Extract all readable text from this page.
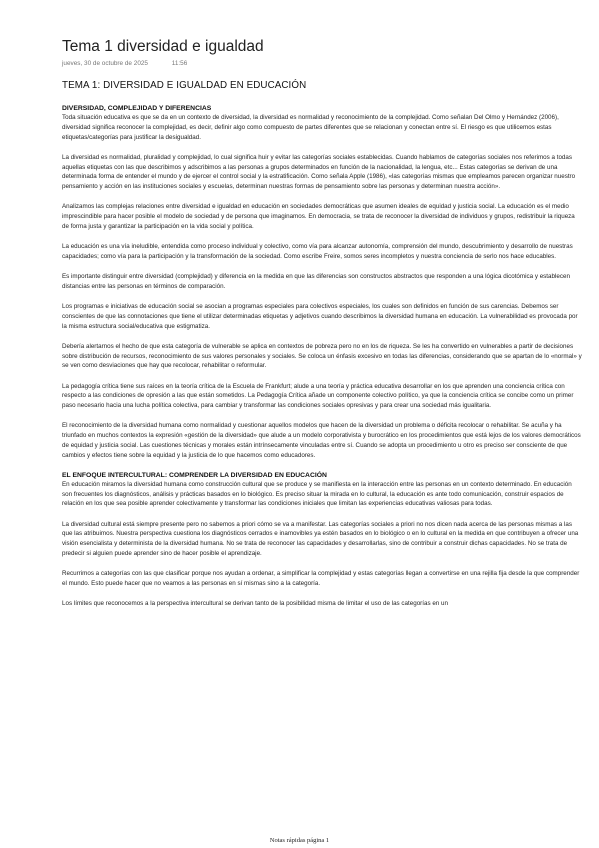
Tema 1 diversidad e igualdad
jueves, 30 de octubre de 2025	11:56
TEMA 1: DIVERSIDAD E IGUALDAD EN EDUCACIÓN
DIVERSIDAD, COMPLEJIDAD Y DIFERENCIAS

Toda situación educativa es que se da en un contexto de diversidad, la diversidad es normalidad y reconocimiento de la complejidad. Como señalan Del Olmo y Hernández (2006), diversidad significa reconocer la complejidad, es decir, definir algo como compuesto de partes diferentes que se relacionan y conectan entre sí. El riesgo es que utilicemos estas etiquetas/categorías para justificar la desigualdad.

La diversidad es normalidad, pluralidad y complejidad, lo cual significa huir y evitar las categorías sociales establecidas. Cuando hablamos de categorías sociales nos referimos a todas aquellas etiquetas con las que describimos y adscribimos a las personas a grupos determinados en función de la nacionalidad, la lengua, etc... Estas categorías se derivan de una determinada forma de entender el mundo y de ejercer el control social y la estratificación. Como señala Apple (1986), «las categorías mismas que empleamos parecen organizar nuestro pensamiento y acción en las instituciones sociales y escuelas, determinan nuestras formas de pensamiento sobre las personas y determinan nuestra acción».

Analizamos las complejas relaciones entre diversidad e igualdad en educación en sociedades democráticas que asumen ideales de equidad y justicia social. La educación es el medio imprescindible para hacer posible el modelo de sociedad y de persona que imaginamos. En democracia, se trata de reconocer la diversidad de individuos y grupos, redistribuir la riqueza de forma justa y garantizar la participación en la vida social y política.

La educación es una vía ineludible, entendida como proceso individual y colectivo, como vía para alcanzar autonomía, comprensión del mundo, descubrimiento y desarrollo de nuestras capacidades; como vía para la participación y la transformación de la sociedad. Como escribe Freire, somos seres incompletos y nuestra conciencia de serlo nos hace educables.

Es importante distinguir entre diversidad (complejidad) y diferencia en la medida en que las diferencias son constructos abstractos que responden a una lógica dicotómica y establecen distancias entre las personas en términos de comparación.

Los programas e iniciativas de educación social se asocian a programas especiales para colectivos especiales, los cuales son definidos en función de sus carencias. Debemos ser conscientes de que las connotaciones que tiene el utilizar determinadas etiquetas y adjetivos cuando describimos la diversidad humana en educación. La vulnerabilidad es provocada por la misma estructura social/educativa que estigmatiza.

Debería alertarnos el hecho de que esta categoría de vulnerable se aplica en contextos de pobreza pero no en los de riqueza. Se les ha convertido en vulnerables a partir de decisiones sobre distribución de recursos, reconocimiento de sus valores personales y sociales. Se coloca un énfasis excesivo en todas las diferencias, considerando que se apartan de lo «normal» y se ven como desviaciones que hay que recolocar, rehabilitar o reformular.

La pedagogía crítica tiene sus raíces en la teoría crítica de la Escuela de Frankfurt; alude a una teoría y práctica educativa desarrollar en los que aprenden una conciencia crítica con respecto a las condiciones de opresión a las que están sometidos. La Pedagogía Crítica añade un componente colectivo político, ya que la conciencia crítica se concibe como un primer paso necesario hacia una lucha política colectiva, para cambiar y transformar las condiciones sociales opresivas y para crear una sociedad más igualitaria.

El reconocimiento de la diversidad humana como normalidad y cuestionar aquellos modelos que hacen de la diversidad un problema o déficita recolocar o rehabilitar. Se acuña y ha triunfado en muchos contextos la expresión «gestión de la diversidad» que alude a un modelo corporativista y burocrático en los procedimientos que está lejos de los valores democráticos de equidad y justicia social. Las cuestiones técnicas y morales están intrínsecamente vinculadas entre sí. Cuando se adopta un procedimiento u otro es preciso ser consciente de que cambios y efectos tiene sobre la equidad y la justicia de lo que hacemos como educadores.

EL ENFOQUE INTERCULTURAL: COMPRENDER LA DIVERSIDAD EN EDUCACIÓN

En educación miramos la diversidad humana como construcción cultural que se produce y se manifiesta en la interacción entre las personas en un contexto determinado. En educación son frecuentes los diagnósticos, análisis y prácticas basados en lo biológico. Es preciso situar la mirada en lo cultural, la educación es ante todo comunicación, construir espacios de relación en los que sea posible aprender colectivamente y transformar las condiciones iniciales que limitan las experiencias educativas valiosas para todas.

La diversidad cultural está siempre presente pero no sabemos a priori cómo se va a manifestar. Las categorías sociales a priori no nos dicen nada acerca de las personas mismas a las que las atribuimos. Nuestra perspectiva cuestiona los diagnósticos cerrados e inamovibles ya estén basados en lo biológico o en lo cultural en la medida en que contribuyen a ofrecer una visión esencialista y determinista de la diversidad humana. No se trata de reconocer las capacidades y desarrollarlas, sino de contribuir a construir dichas capacidades. No se trata de predecir si alguien puede aprender sino de hacer posible el aprendizaje.

Recurrimos a categorías con las que clasificar porque nos ayudan a ordenar, a simplificar la complejidad y estas categorías llegan a convertirse en una rejilla fija desde la que comprender el mundo. Esto puede hacer que no veamos a las personas en sí mismas sino a la categoría.

Los límites que reconocemos a la perspectiva intercultural se derivan tanto de la posibilidad misma de limitar el uso de las categorías en un

Notas rápidas página 1
